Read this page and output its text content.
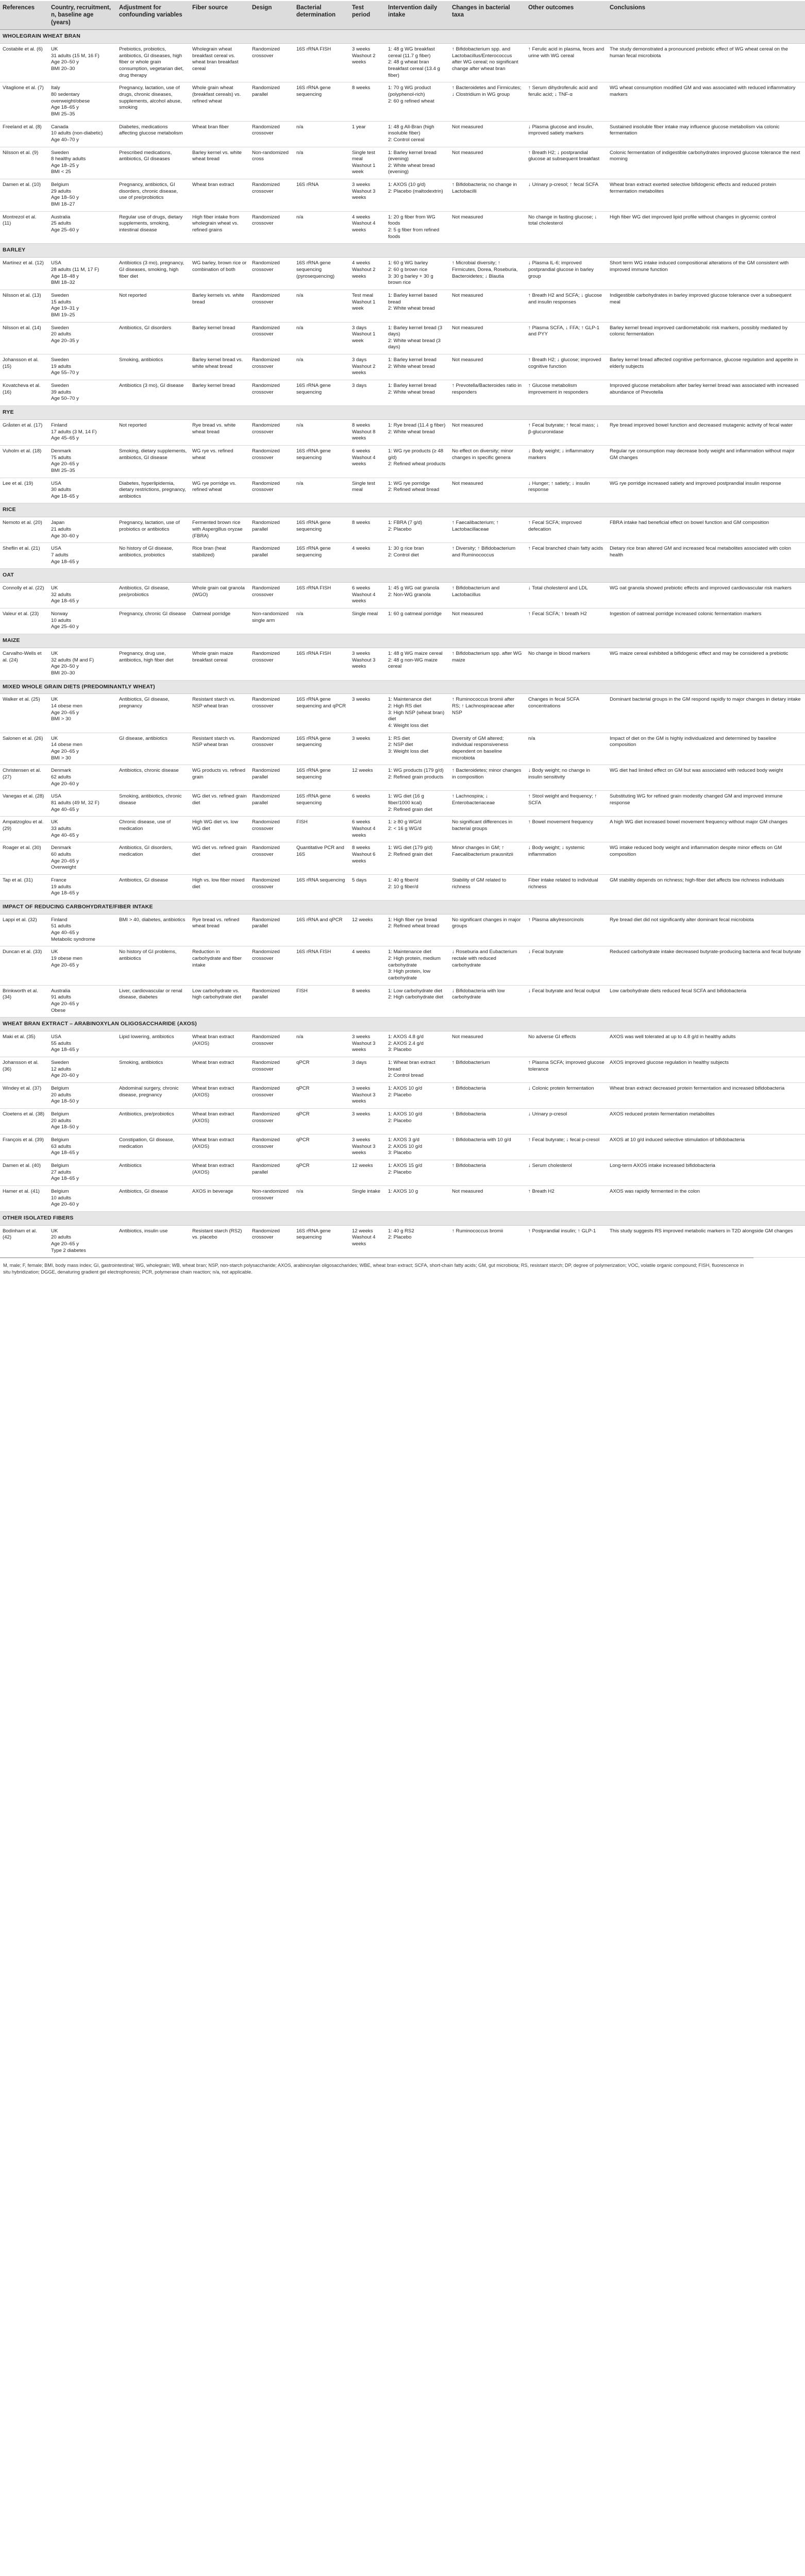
References	Country, recruitment, n, baseline age (years)	Adjustment for confounding variables	Fiber source	Design	Bacterial determination	Test period	Intervention daily intake	Changes in bacterial taxa	Other outcomes	Conclusions
WHOLEGRAIN WHEAT BRAN										
Costabile et al. (6)	UK
31 adults (15 M, 16 F)
Age 20–50 y
BMI 20–30	Prebiotics, probiotics, antibiotics, GI diseases, high fiber or whole grain consumption, vegetarian diet, drug therapy	Wholegrain wheat breakfast cereal vs. wheat bran breakfast cereal	Randomized crossover	16S rRNA FISH	3 weeks
Washout 2 weeks	1: 48 g WG breakfast cereal (11.7 g fiber)
2: 48 g wheat bran breakfast cereal (13.4 g fiber)	↑ Bifidobacterium spp. and Lactobacillus/Enterococcus after WG cereal; no significant change after wheat bran	↑ Ferulic acid in plasma, feces and urine with WG cereal	The study demonstrated a pronounced prebiotic effect of WG wheat cereal on the human fecal microbiota
Vitaglione et al. (7)	Italy
80 sedentary overweight/obese
Age 18–65 y
BMI 25–35	Pregnancy, lactation, use of drugs, chronic diseases, supplements, alcohol abuse, smoking	Whole grain wheat (breakfast cereals) vs. refined wheat	Randomized parallel	16S rRNA gene sequencing	8 weeks	1: 70 g WG product (polyphenol-rich)
2: 60 g refined wheat	↑ Bacteroidetes and Firmicutes; ↓ Clostridium in WG group	↑ Serum dihydroferulic acid and ferulic acid; ↓ TNF-α	WG wheat consumption modified GM and was associated with reduced inflammatory markers
Freeland et al. (8)	Canada
10 adults (non-diabetic)
Age 40–70 y	Diabetes, medications affecting glucose metabolism	Wheat bran fiber	Randomized crossover	n/a	1 year	1: 48 g All-Bran (high insoluble fiber)
2: Control cereal	Not measured	↓ Plasma glucose and insulin, improved satiety markers	Sustained insoluble fiber intake may influence glucose metabolism via colonic fermentation
Nilsson et al. (9)	Sweden
8 healthy adults
Age 18–25 y
BMI < 25	Prescribed medications, antibiotics, GI diseases	Barley kernel vs. white wheat bread	Non-randomized cross	n/a	Single test meal
Washout 1 week	1: Barley kernel bread (evening)
2: White wheat bread (evening)	Not measured	↑ Breath H2; ↓ postprandial glucose at subsequent breakfast	Colonic fermentation of indigestible carbohydrates improved glucose tolerance the next morning
Damen et al. (10)	Belgium
29 adults
Age 18–50 y
BMI 18–27	Pregnancy, antibiotics, GI disorders, chronic disease, use of pre/probiotics	Wheat bran extract	Randomized crossover	16S rRNA	3 weeks
Washout 3 weeks	1: AXOS (10 g/d)
2: Placebo (maltodextrin)	↑ Bifidobacteria; no change in Lactobacilli	↓ Urinary p-cresol; ↑ fecal SCFA	Wheat bran extract exerted selective bifidogenic effects and reduced protein fermentation metabolites
Montrezol et al. (11)	Australia
25 adults
Age 25–60 y	Regular use of drugs, dietary supplements, smoking, intestinal disease	High fiber intake from wholegrain wheat vs. refined grains	Randomized crossover	n/a	4 weeks
Washout 4 weeks	1: 20 g fiber from WG foods
2: 5 g fiber from refined foods	Not measured	No change in fasting glucose; ↓ total cholesterol	High fiber WG diet improved lipid profile without changes in glycemic control
BARLEY										
Martinez et al. (12)	USA
28 adults (11 M, 17 F)
Age 18–48 y
BMI 18–32	Antibiotics (3 mo), pregnancy, GI diseases, smoking, high fiber diet	WG barley, brown rice or combination of both	Randomized crossover	16S rRNA gene sequencing (pyrosequencing)	4 weeks
Washout 2 weeks	1: 60 g WG barley
2: 60 g brown rice
3: 30 g barley + 30 g brown rice	↑ Microbial diversity; ↑ Firmicutes, Dorea, Roseburia, Bacteroidetes; ↓ Blautia	↓ Plasma IL-6; improved postprandial glucose in barley group	Short term WG intake induced compositional alterations of the GM consistent with improved immune function
Nilsson et al. (13)	Sweden
15 adults
Age 19–31 y
BMI 19–25	Not reported	Barley kernels vs. white bread	Randomized crossover	n/a	Test meal
Washout 1 week	1: Barley kernel based bread
2: White wheat bread	Not measured	↑ Breath H2 and SCFA; ↓ glucose and insulin responses	Indigestible carbohydrates in barley improved glucose tolerance over a subsequent meal
Nilsson et al. (14)	Sweden
20 adults
Age 20–35 y	Antibiotics, GI disorders	Barley kernel bread	Randomized crossover	n/a	3 days
Washout 1 week	1: Barley kernel bread (3 days)
2: White wheat bread (3 days)	Not measured	↑ Plasma SCFA, ↓ FFA; ↑ GLP-1 and PYY	Barley kernel bread improved cardiometabolic risk markers, possibly mediated by colonic fermentation
Johansson et al. (15)	Sweden
19 adults
Age 55–70 y	Smoking, antibiotics	Barley kernel bread vs. white wheat bread	Randomized crossover	n/a	3 days
Washout 2 weeks	1: Barley kernel bread
2: White wheat bread	Not measured	↑ Breath H2; ↓ glucose; improved cognitive function	Barley kernel bread affected cognitive performance, glucose regulation and appetite in elderly subjects
Kovatcheva et al. (16)	Sweden
39 adults
Age 50–70 y	Antibiotics (3 mo), GI disease	Barley kernel bread	Randomized crossover	16S rRNA gene sequencing	3 days	1: Barley kernel bread
2: White wheat bread	↑ Prevotella/Bacteroides ratio in responders	↑ Glucose metabolism improvement in responders	Improved glucose metabolism after barley kernel bread was associated with increased abundance of Prevotella
RYE										
Gråsten et al. (17)	Finland
17 adults (3 M, 14 F)
Age 45–65 y	Not reported	Rye bread vs. white wheat bread	Randomized crossover	n/a	8 weeks
Washout 8 weeks	1: Rye bread (11.4 g fiber)
2: White wheat bread	Not measured	↑ Fecal butyrate; ↑ fecal mass; ↓ β-glucuronidase	Rye bread improved bowel function and decreased mutagenic activity of fecal water
Vuholm et al. (18)	Denmark
75 adults
Age 20–65 y
BMI 25–35	Smoking, dietary supplements, antibiotics, GI disease	WG rye vs. refined wheat	Randomized crossover	16S rRNA gene sequencing	6 weeks
Washout 4 weeks	1: WG rye products (≥ 48 g/d)
2: Refined wheat products	No effect on diversity; minor changes in specific genera	↓ Body weight; ↓ inflammatory markers	Regular rye consumption may decrease body weight and inflammation without major GM changes
Lee et al. (19)	USA
30 adults
Age 18–65 y	Diabetes, hyperlipidemia, dietary restrictions, pregnancy, antibiotics	WG rye porridge vs. refined wheat	Randomized crossover	n/a	Single test meal	1: WG rye porridge
2: Refined wheat bread	Not measured	↓ Hunger; ↑ satiety; ↓ insulin response	WG rye porridge increased satiety and improved postprandial insulin response
RICE										
Nemoto et al. (20)	Japan
21 adults
Age 30–60 y	Pregnancy, lactation, use of probiotics or antibiotics	Fermented brown rice with Aspergillus oryzae (FBRA)	Randomized parallel	16S rRNA gene sequencing	8 weeks	1: FBRA (7 g/d)
2: Placebo	↑ Faecalibacterium; ↑ Lactobacillaceae	↑ Fecal SCFA; improved defecation	FBRA intake had beneficial effect on bowel function and GM composition
Sheflin et al. (21)	USA
7 adults
Age 18–65 y	No history of GI disease, antibiotics, probiotics	Rice bran (heat stabilized)	Randomized parallel	16S rRNA gene sequencing	4 weeks	1: 30 g rice bran
2: Control diet	↑ Diversity; ↑ Bifidobacterium and Ruminococcus	↑ Fecal branched chain fatty acids	Dietary rice bran altered GM and increased fecal metabolites associated with colon health
OAT										
Connolly et al. (22)	UK
32 adults
Age 18–65 y	Antibiotics, GI disease, pre/probiotics	Whole grain oat granola (WGO)	Randomized crossover	16S rRNA FISH	6 weeks
Washout 4 weeks	1: 45 g WG oat granola
2: Non-WG granola	↑ Bifidobacterium and Lactobacillus	↓ Total cholesterol and LDL	WG oat granola showed prebiotic effects and improved cardiovascular risk markers
Valeur et al. (23)	Norway
10 adults
Age 25–60 y	Pregnancy, chronic GI disease	Oatmeal porridge	Non-randomized single arm	n/a	Single meal	1: 60 g oatmeal porridge	Not measured	↑ Fecal SCFA; ↑ breath H2	Ingestion of oatmeal porridge increased colonic fermentation markers
MAIZE										
Carvalho-Wells et al. (24)	UK
32 adults (M and F)
Age 20–50 y
BMI 20–30	Pregnancy, drug use, antibiotics, high fiber diet	Whole grain maize breakfast cereal	Randomized crossover	16S rRNA FISH	3 weeks
Washout 3 weeks	1: 48 g WG maize cereal
2: 48 g non-WG maize cereal	↑ Bifidobacterium spp. after WG maize	No change in blood markers	WG maize cereal exhibited a bifidogenic effect and may be considered a prebiotic
MIXED WHOLE GRAIN DIETS (PREDOMINANTLY WHEAT)										
Walker et al. (25)	UK
14 obese men
Age 20–65 y
BMI > 30	Antibiotics, GI disease, pregnancy	Resistant starch vs. NSP wheat bran	Randomized crossover	16S rRNA gene sequencing and qPCR	3 weeks	1: Maintenance diet
2: High RS diet
3: High NSP (wheat bran) diet
4: Weight loss diet	↑ Ruminococcus bromii after RS; ↑ Lachnospiraceae after NSP	Changes in fecal SCFA concentrations	Dominant bacterial groups in the GM respond rapidly to major changes in dietary intake
Salonen et al. (26)	UK
14 obese men
Age 20–65 y
BMI > 30	GI disease, antibiotics	Resistant starch vs. NSP wheat bran	Randomized crossover	16S rRNA gene sequencing	3 weeks	1: RS diet
2: NSP diet
3: Weight loss diet	Diversity of GM altered; individual responsiveness dependent on baseline microbiota	n/a	Impact of diet on the GM is highly individualized and determined by baseline composition
Christensen et al. (27)	Denmark
62 adults
Age 20–60 y	Antibiotics, chronic disease	WG products vs. refined grain	Randomized parallel	16S rRNA gene sequencing	12 weeks	1: WG products (179 g/d)
2: Refined grain products	↑ Bacteroidetes; minor changes in composition	↓ Body weight; no change in insulin sensitivity	WG diet had limited effect on GM but was associated with reduced body weight
Vanegas et al. (28)	USA
81 adults (49 M, 32 F)
Age 40–65 y	Smoking, antibiotics, chronic disease	WG diet vs. refined grain diet	Randomized parallel	16S rRNA gene sequencing	6 weeks	1: WG diet (16 g fiber/1000 kcal)
2: Refined grain diet	↑ Lachnospira; ↓ Enterobacteriaceae	↑ Stool weight and frequency; ↑ SCFA	Substituting WG for refined grain modestly changed GM and improved immune response
Ampatzoglou et al. (29)	UK
33 adults
Age 40–65 y	Chronic disease, use of medication	High WG diet vs. low WG diet	Randomized crossover	FISH	6 weeks
Washout 4 weeks	1: ≥ 80 g WG/d
2: < 16 g WG/d	No significant differences in bacterial groups	↑ Bowel movement frequency	A high WG diet increased bowel movement frequency without major GM changes
Roager et al. (30)	Denmark
60 adults
Age 20–65 y
Overweight	Antibiotics, GI disorders, medication	WG diet vs. refined grain diet	Randomized crossover	Quantitative PCR and 16S	8 weeks
Washout 6 weeks	1: WG diet (179 g/d)
2: Refined grain diet	Minor changes in GM; ↑ Faecalibacterium prausnitzii	↓ Body weight; ↓ systemic inflammation	WG intake reduced body weight and inflammation despite minor effects on GM composition
Tap et al. (31)	France
19 adults
Age 18–65 y	Antibiotics, GI disease	High vs. low fiber mixed diet	Randomized crossover	16S rRNA sequencing	5 days	1: 40 g fiber/d
2: 10 g fiber/d	Stability of GM related to richness	Fiber intake related to individual richness	GM stability depends on richness; high-fiber diet affects low richness individuals
IMPACT OF REDUCING CARBOHYDRATE/FIBER INTAKE										
Lappi et al. (32)	Finland
51 adults
Age 40–65 y
Metabolic syndrome	BMI > 40, diabetes, antibiotics	Rye bread vs. refined wheat bread	Randomized parallel	16S rRNA and qPCR	12 weeks	1: High fiber rye bread
2: Refined wheat bread	No significant changes in major groups	↑ Plasma alkylresorcinols	Rye bread diet did not significantly alter dominant fecal microbiota
Duncan et al. (33)	UK
19 obese men
Age 20–65 y	No history of GI problems, antibiotics	Reduction in carbohydrate and fiber intake	Randomized crossover	16S rRNA FISH	4 weeks	1: Maintenance diet
2: High protein, medium carbohydrate
3: High protein, low carbohydrate	↓ Roseburia and Eubacterium rectale with reduced carbohydrate	↓ Fecal butyrate	Reduced carbohydrate intake decreased butyrate-producing bacteria and fecal butyrate
Brinkworth et al. (34)	Australia
91 adults
Age 20–65 y
Obese	Liver, cardiovascular or renal disease, diabetes	Low carbohydrate vs. high carbohydrate diet	Randomized parallel	FISH	8 weeks	1: Low carbohydrate diet
2: High carbohydrate diet	↓ Bifidobacteria with low carbohydrate	↓ Fecal butyrate and fecal output	Low carbohydrate diets reduced fecal SCFA and bifidobacteria
WHEAT BRAN EXTRACT – ARABINOXYLAN OLIGOSACCHARIDE (AXOS)										
Maki et al. (35)	USA
55 adults
Age 18–65 y	Lipid lowering, antibiotics	Wheat bran extract (AXOS)	Randomized crossover	n/a	3 weeks
Washout 3 weeks	1: AXOS 4.8 g/d
2: AXOS 2.4 g/d
3: Placebo	Not measured	No adverse GI effects	AXOS was well tolerated at up to 4.8 g/d in healthy adults
Johansson et al. (36)	Sweden
12 adults
Age 20–60 y	Smoking, antibiotics	Wheat bran extract	Randomized crossover	qPCR	3 days	1: Wheat bran extract bread
2: Control bread	↑ Bifidobacterium	↑ Plasma SCFA; improved glucose tolerance	AXOS improved glucose regulation in healthy subjects
Windey et al. (37)	Belgium
20 adults
Age 18–50 y	Abdominal surgery, chronic disease, pregnancy	Wheat bran extract (AXOS)	Randomized crossover	qPCR	3 weeks
Washout 3 weeks	1: AXOS 10 g/d
2: Placebo	↑ Bifidobacteria	↓ Colonic protein fermentation	Wheat bran extract decreased protein fermentation and increased bifidobacteria
Cloetens et al. (38)	Belgium
20 adults
Age 18–50 y	Antibiotics, pre/probiotics	Wheat bran extract (AXOS)	Randomized crossover	qPCR	3 weeks	1: AXOS 10 g/d
2: Placebo	↑ Bifidobacteria	↓ Urinary p-cresol	AXOS reduced protein fermentation metabolites
François et al. (39)	Belgium
63 adults
Age 18–65 y	Constipation, GI disease, medication	Wheat bran extract (AXOS)	Randomized crossover	qPCR	3 weeks
Washout 3 weeks	1: AXOS 3 g/d
2: AXOS 10 g/d
3: Placebo	↑ Bifidobacteria with 10 g/d	↑ Fecal butyrate; ↓ fecal p-cresol	AXOS at 10 g/d induced selective stimulation of bifidobacteria
Damen et al. (40)	Belgium
27 adults
Age 18–65 y	Antibiotics	Wheat bran extract (AXOS)	Randomized parallel	qPCR	12 weeks	1: AXOS 15 g/d
2: Placebo	↑ Bifidobacteria	↓ Serum cholesterol	Long-term AXOS intake increased bifidobacteria
Hamer et al. (41)	Belgium
10 adults
Age 20–60 y	Antibiotics, GI disease	AXOS in beverage	Non-randomized crossover	n/a	Single intake	1: AXOS 10 g	Not measured	↑ Breath H2	AXOS was rapidly fermented in the colon
OTHER ISOLATED FIBERS										
Bodinham et al. (42)	UK
20 adults
Age 20–65 y
Type 2 diabetes	Antibiotics, insulin use	Resistant starch (RS2) vs. placebo	Randomized crossover	16S rRNA gene sequencing	12 weeks
Washout 4 weeks	1: 40 g RS2
2: Placebo	↑ Ruminococcus bromii	↑ Postprandial insulin; ↑ GLP-1	This study suggests RS improved metabolic markers in T2D alongside GM changes
M, male; F, female; BMI, body mass index; GI, gastrointestinal; WG, wholegrain; WB, wheat bran; NSP, non-starch polysaccharide; AXOS, arabinoxylan oligosaccharides; WBE, wheat bran extract; SCFA, short-chain fatty acids; GM, gut microbiota; RS, resistant starch; DP, degree of polymerization; VOC, volatile organic compound; FISH, fluorescence in situ hybridization; DGGE, denaturing gradient gel electrophoresis; PCR, polymerase chain reaction; n/a, not applicable.
